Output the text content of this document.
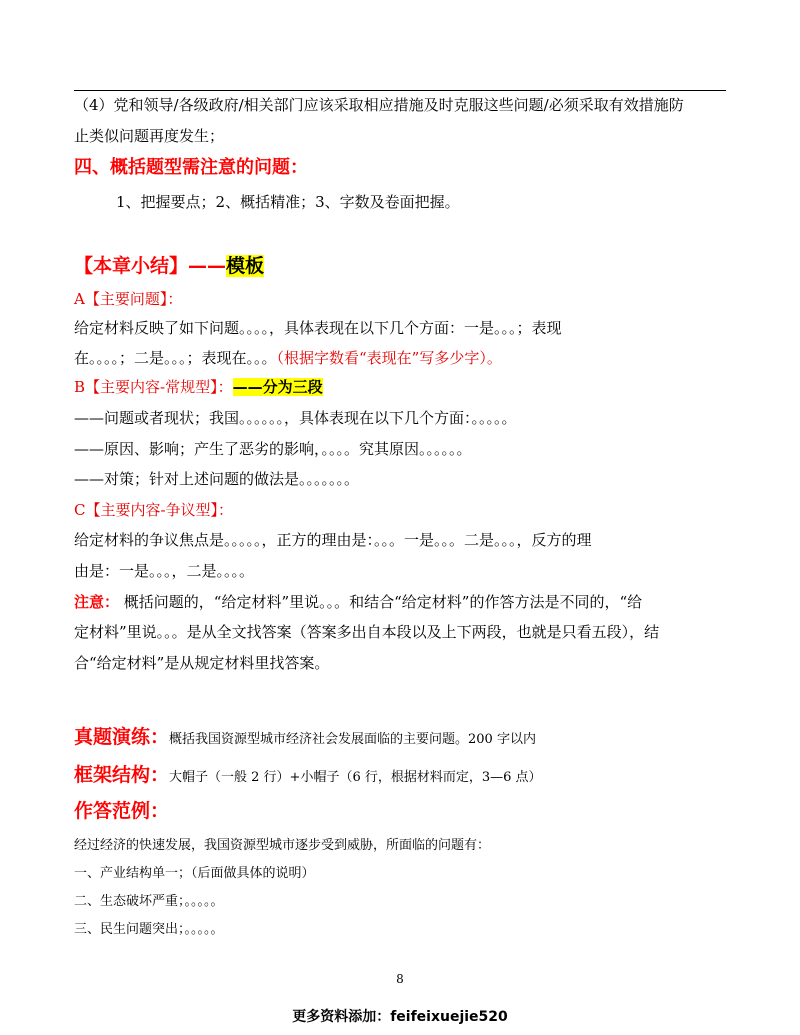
（4）党和领导/各级政府/相关部门应该采取相应措施及时克服这些问题/必须采取有效措施防
止类似问题再度发生；
四、概括题型需注意的问题：
1、把握要点；2、概括精准；3、字数及卷面把握。
【本章小结】——模板
A【主要问题】：
给定材料反映了如下问题。。。。，具体表现在以下几个方面：一是。。。；表现
在。。。。；二是。。。；表现在。。。（根据字数看“表现在”写多少字）。
B【主要内容-常规型】：——分为三段
——问题或者现状；我国。。。。。。，具体表现在以下几个方面：。。。。。
——原因、影响；产生了恶劣的影响，。。。。究其原因。。。。。。
——对策；针对上述问题的做法是。。。。。。。
C【主要内容-争议型】：
给定材料的争议焦点是。。。。。，正方的理由是：。。。一是。。。二是。。。，反方的理
由是：一是。。。，二是。。。。
注意： 概括问题的，“给定材料”里说。。。和结合“给定材料”的作答方法是不同的，“给
定材料”里说。。。是从全文找答案（答案多出自本段以及上下两段，也就是只看五段），结
合“给定材料”是从规定材料里找答案。
真题演练：概括我国资源型城市经济社会发展面临的主要问题。200 字以内
框架结构：大帽子（一般 2 行）+小帽子（6 行，根据材料而定，3—6 点）
作答范例：
经过经济的快速发展，我国资源型城市逐步受到威胁，所面临的问题有：
一、产业结构单一；（后面做具体的说明）
二、生态破坏严重；。。。。。
三、民生问题突出；。。。。。
8
更多资料添加：feifeixuejie520
